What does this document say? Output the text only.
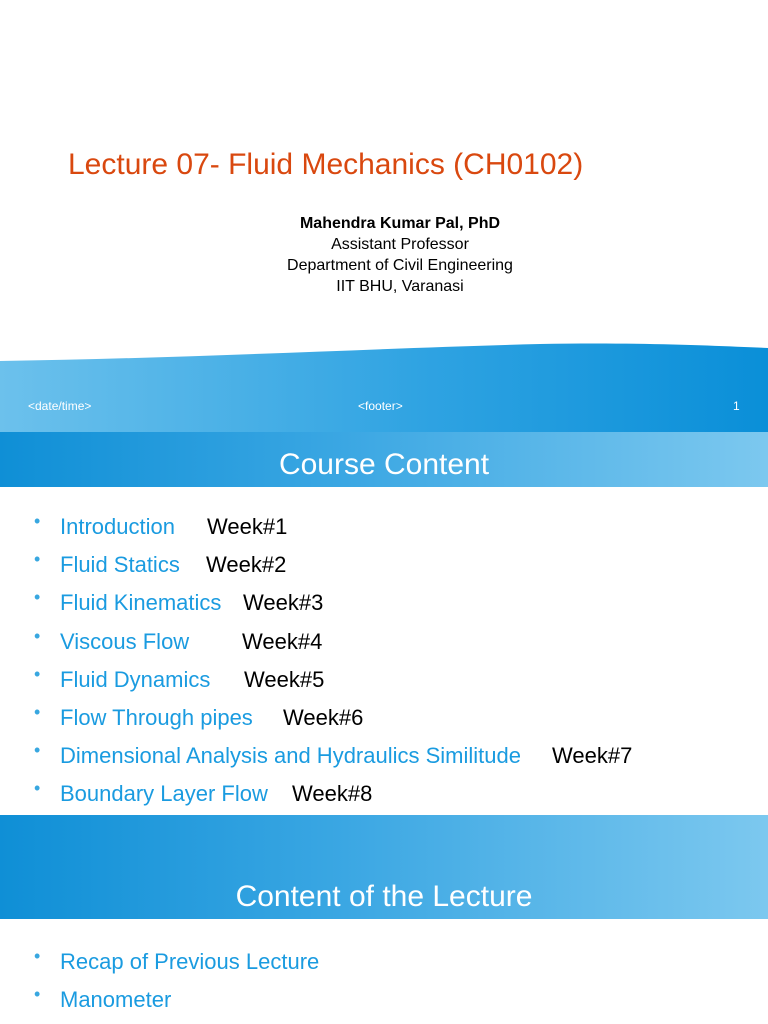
Lecture 07- Fluid Mechanics (CH0102)
Mahendra Kumar Pal, PhD
Assistant Professor
Department of Civil Engineering
IIT BHU, Varanasi
<date/time>	<footer>	1
Course Content
• Introduction Week#1
• Fluid Statics Week#2
• Fluid Kinematics Week#3
• Viscous Flow Week#4
• Fluid Dynamics Week#5
• Flow Through pipes Week#6
• Dimensional Analysis and Hydraulics Similitude Week#7
• Boundary Layer Flow Week#8
Content of the Lecture
• Recap of Previous Lecture
• Manometer
